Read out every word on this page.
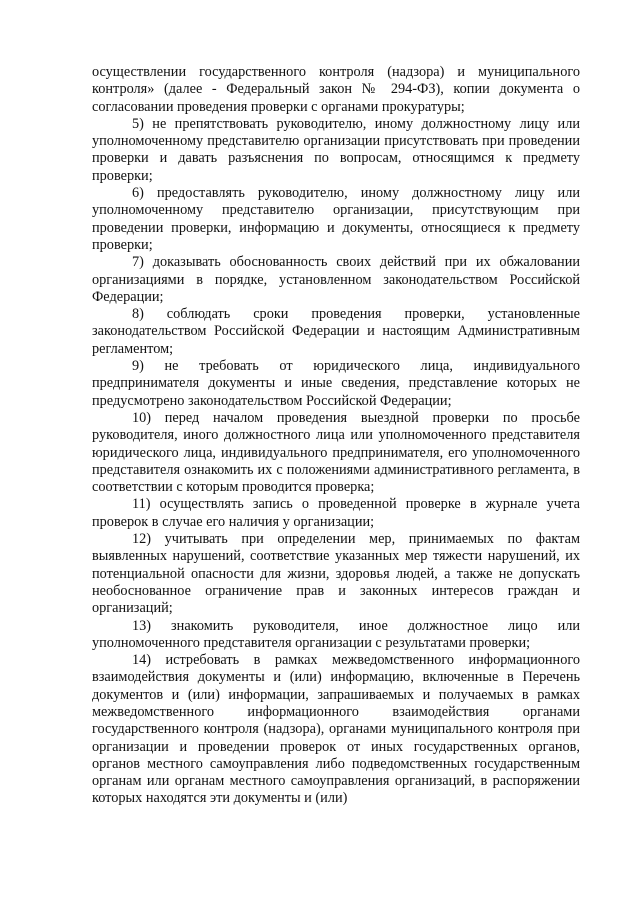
осуществлении государственного контроля (надзора) и муниципального контроля» (далее - Федеральный закон № 294-ФЗ), копии документа о согласовании проведения проверки с органами прокуратуры;

5) не препятствовать руководителю, иному должностному лицу или уполномоченному представителю организации присутствовать при проведении проверки и давать разъяснения по вопросам, относящимся к предмету проверки;

6) предоставлять руководителю, иному должностному лицу или уполномоченному представителю организации, присутствующим при проведении проверки, информацию и документы, относящиеся к предмету проверки;

7) доказывать обоснованность своих действий при их обжаловании организациями в порядке, установленном законодательством Российской Федерации;

8) соблюдать сроки проведения проверки, установленные законодательством Российской Федерации и настоящим Административным регламентом;

9) не требовать от юридического лица, индивидуального предпринимателя документы и иные сведения, представление которых не предусмотрено законодательством Российской Федерации;

10) перед началом проведения выездной проверки по просьбе руководителя, иного должностного лица или уполномоченного представителя юридического лица, индивидуального предпринимателя, его уполномоченного представителя ознакомить их с положениями административного регламента, в соответствии с которым проводится проверка;

11) осуществлять запись о проведенной проверке в журнале учета проверок в случае его наличия у организации;

12) учитывать при определении мер, принимаемых по фактам выявленных нарушений, соответствие указанных мер тяжести нарушений, их потенциальной опасности для жизни, здоровья людей, а также не допускать необоснованное ограничение прав и законных интересов граждан и организаций;

13) знакомить руководителя, иное должностное лицо или уполномоченного представителя организации с результатами проверки;

14) истребовать в рамках межведомственного информационного взаимодействия документы и (или) информацию, включенные в Перечень документов и (или) информации, запрашиваемых и получаемых в рамках межведомственного информационного взаимодействия органами государственного контроля (надзора), органами муниципального контроля при организации и проведении проверок от иных государственных органов, органов местного самоуправления либо подведомственных государственным органам или органам местного самоуправления организаций, в распоряжении которых находятся эти документы и (или)
